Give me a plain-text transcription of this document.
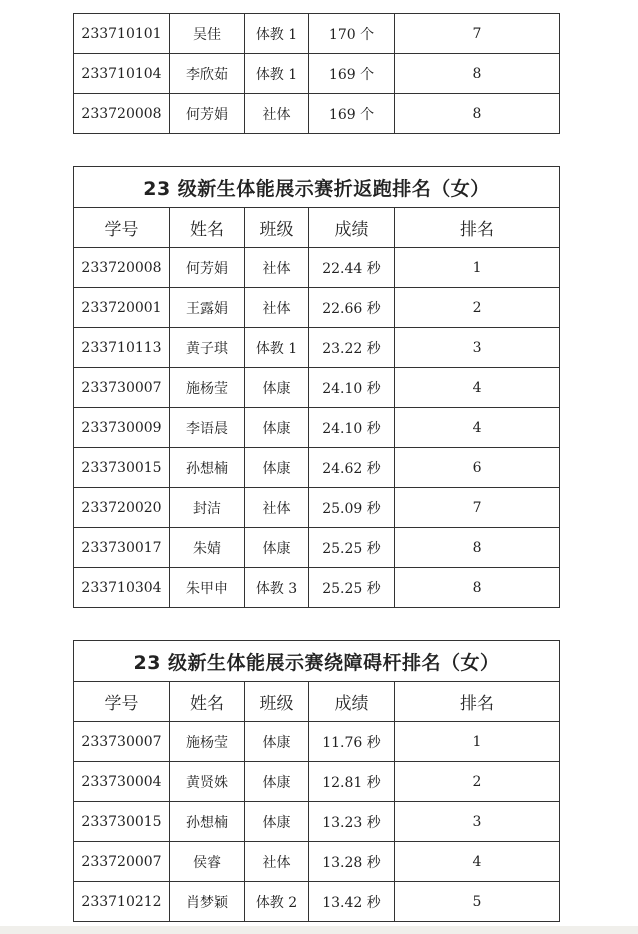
233710101	吴佳	体教 1	170 个	7
233710104	李欣茹	体教 1	169 个	8
233720008	何芳娟	社体	169 个	8
23 级新生体能展示赛折返跑排名（女）				
学号	姓名	班级	成绩	排名
233720008	何芳娟	社体	22.44 秒	1
233720001	王露娟	社体	22.66 秒	2
233710113	黄子琪	体教 1	23.22 秒	3
233730007	施杨莹	体康	24.10 秒	4
233730009	李语晨	体康	24.10 秒	4
233730015	孙想楠	体康	24.62 秒	6
233720020	封洁	社体	25.09 秒	7
233730017	朱婧	体康	25.25 秒	8
233710304	朱甲申	体教 3	25.25 秒	8
23 级新生体能展示赛绕障碍杆排名（女）				
学号	姓名	班级	成绩	排名
233730007	施杨莹	体康	11.76 秒	1
233730004	黄贤姝	体康	12.81 秒	2
233730015	孙想楠	体康	13.23 秒	3
233720007	侯睿	社体	13.28 秒	4
233710212	肖梦颖	体教 2	13.42 秒	5
